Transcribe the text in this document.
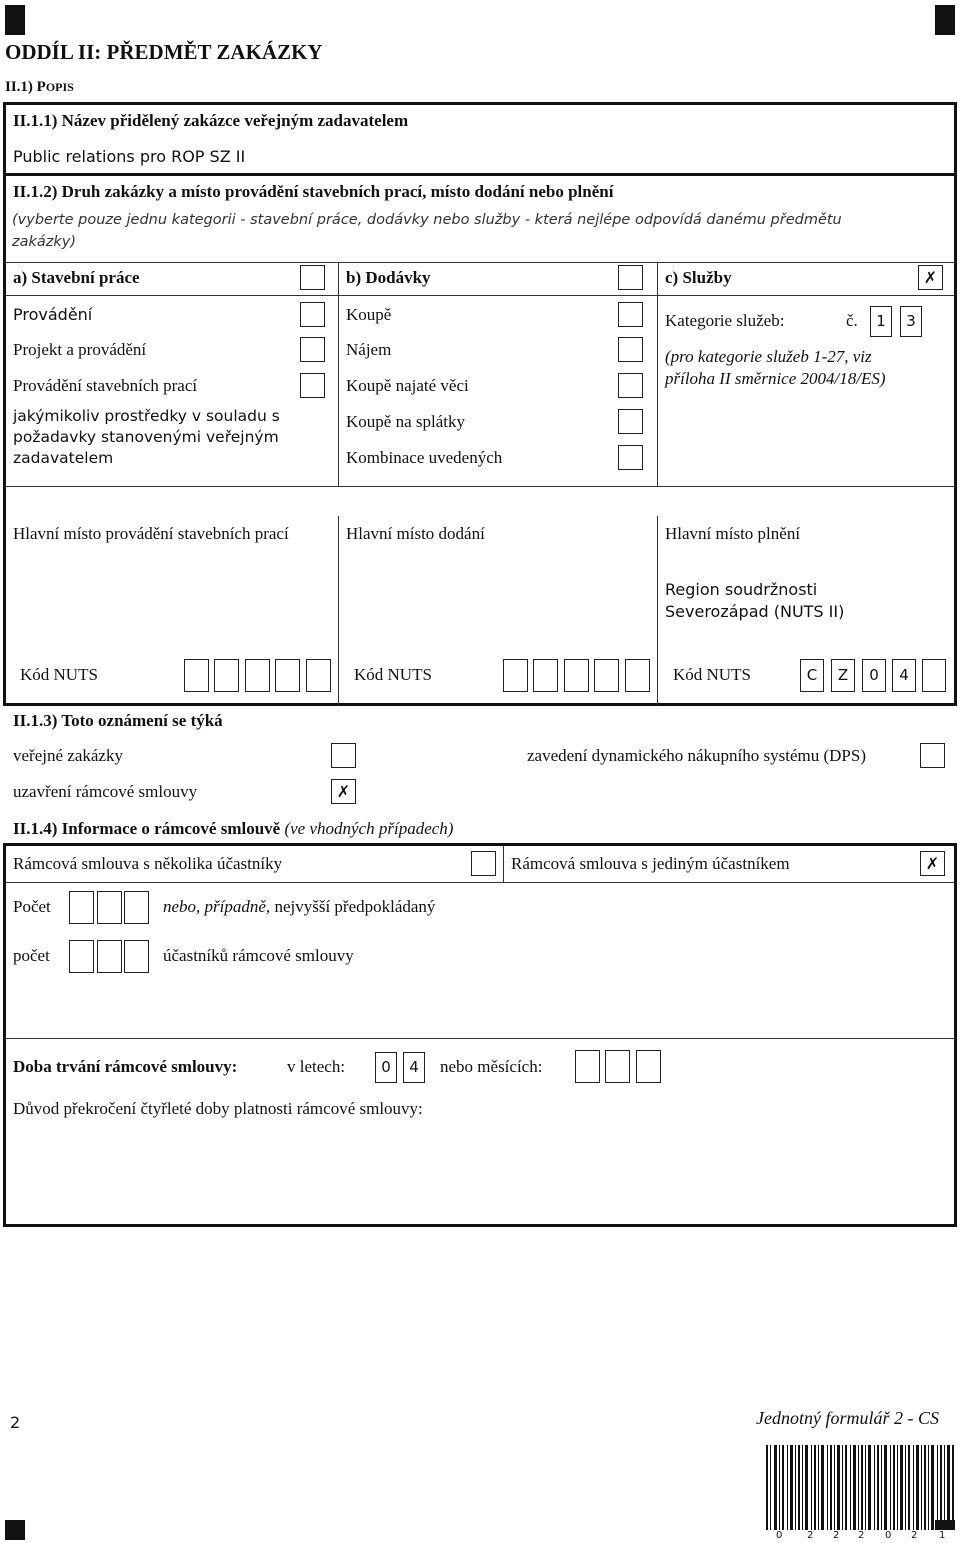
ODDÍL II: PŘEDMĚT ZAKÁZKY
II.1) POPIS
II.1.1) Název přidělený zakázce veřejným zadavatelem
Public relations pro ROP SZ II
II.1.2) Druh zakázky a místo provádění stavebních prací, místo dodání nebo plnění
(vyberte pouze jednu kategorii - stavební práce, dodávky nebo služby - která nejlépe odpovídá danému předmětu
zakázky)
a) Stavební práce	b) Dodávky	c) Služby	✗
Provádění
Projekt a provádění
Provádění stavebních prací
jakýmikoliv prostředky v souladu s
požadavky stanovenými veřejným
zadavatelem
Koupě
Nájem
Koupě najaté věci
Koupě na splátky
Kombinace uvedených
Kategorie služeb:	č.	1	3
(pro kategorie služeb 1-27, viz
příloha II směrnice 2004/18/ES)
Hlavní místo provádění stavebních prací	Hlavní místo dodání	Hlavní místo plnění
Region soudržnosti
Severozápad (NUTS II)
Kód NUTS	Kód NUTS	Kód NUTS	C	Z	0	4
II.1.3) Toto oznámení se týká
veřejné zakázky	zavedení dynamického nákupního systému (DPS)
uzavření rámcové smlouvy	✗
II.1.4) Informace o rámcové smlouvě (ve vhodných případech)
Rámcová smlouva s několika účastníky	Rámcová smlouva s jediným účastníkem	✗
Počet	nebo, případně, nejvyšší předpokládaný
počet	účastníků rámcové smlouvy
Doba trvání rámcové smlouvy:	v letech:	0	4	nebo měsících:
Důvod překročení čtyřleté doby platnosti rámcové smlouvy:
2	Jednotný formulář 2 - CS
0 2 2 2 0 2 1
